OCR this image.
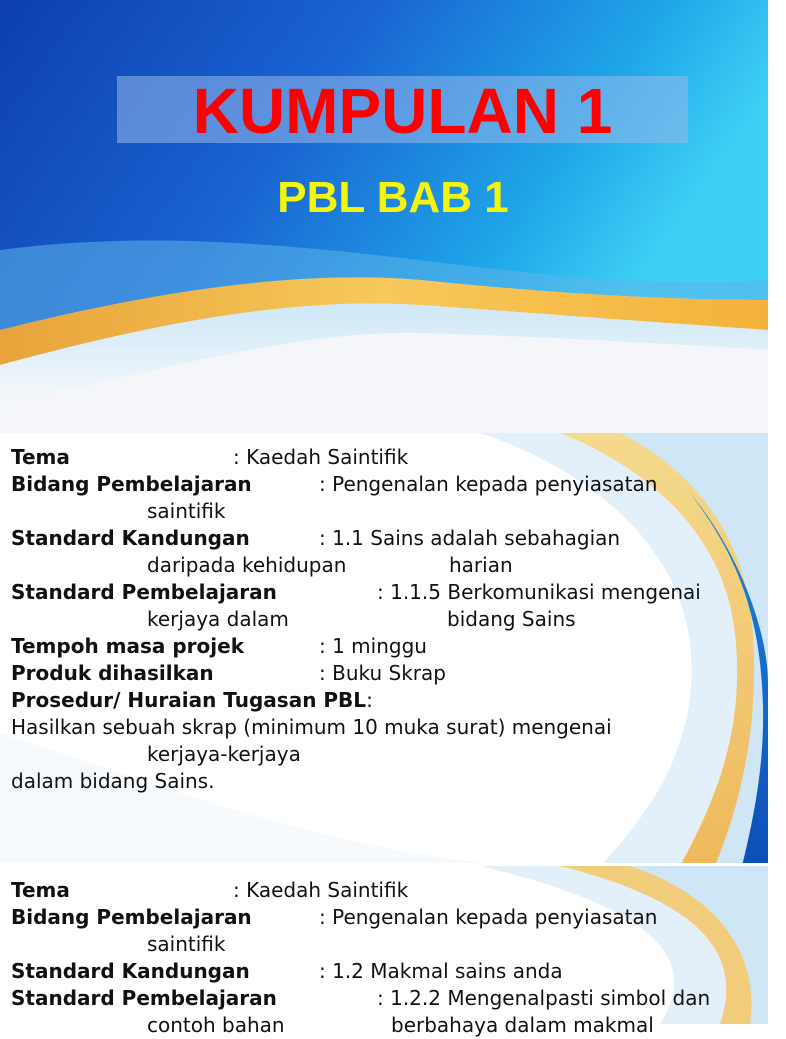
KUMPULAN 1
PBL BAB 1
Tema	: Kaedah Saintifik
Bidang Pembelajaran	: Pengenalan kepada penyiasatan
saintifik
Standard Kandungan	: 1.1 Sains adalah sebahagian
daripada kehidupan	harian
Standard Pembelajaran	: 1.1.5 Berkomunikasi mengenai
kerjaya dalam	bidang Sains
Tempoh masa projek	: 1 minggu
Produk dihasilkan	: Buku Skrap
Prosedur/ Huraian Tugasan PBL:
Hasilkan sebuah skrap (minimum 10 muka surat) mengenai
kerjaya-kerjaya
dalam bidang Sains.
Tema	: Kaedah Saintifik
Bidang Pembelajaran	: Pengenalan kepada penyiasatan
saintifik
Standard Kandungan	: 1.2 Makmal sains anda
Standard Pembelajaran	: 1.2.2 Mengenalpasti simbol dan
contoh bahan	berbahaya dalam makmal
